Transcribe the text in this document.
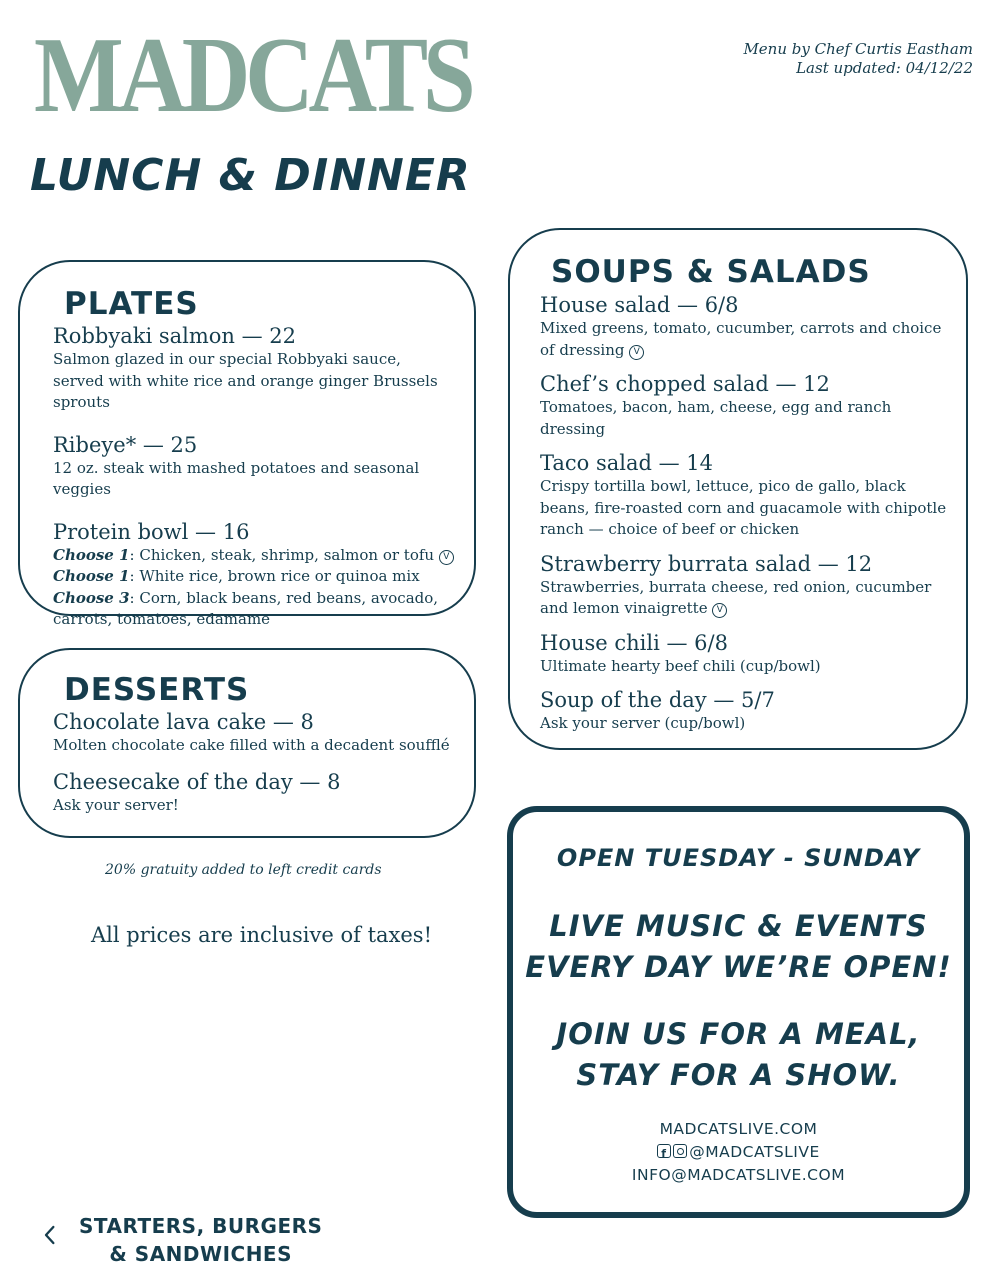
MADCATS
LUNCH & DINNER
Menu by Chef Curtis Eastham
Last updated: 04/12/22
PLATES
Robbyaki salmon — 22
Salmon glazed in our special Robbyaki sauce, served with white rice and orange ginger Brussels sprouts
Ribeye* — 25
12 oz. steak with mashed potatoes and seasonal veggies
Protein bowl — 16
Choose 1: Chicken, steak, shrimp, salmon or tofu V
Choose 1: White rice, brown rice or quinoa mix
Choose 3: Corn, black beans, red beans, avocado, carrots, tomatoes, edamame
DESSERTS
Chocolate lava cake — 8
Molten chocolate cake filled with a decadent soufflé
Cheesecake of the day — 8
Ask your server!
SOUPS & SALADS
House salad — 6/8
Mixed greens, tomato, cucumber, carrots and choice of dressing V
Chef’s chopped salad — 12
Tomatoes, bacon, ham, cheese, egg and ranch dressing
Taco salad — 14
Crispy tortilla bowl, lettuce, pico de gallo, black beans, fire-roasted corn and guacamole with chipotle ranch — choice of beef or chicken
Strawberry burrata salad — 12
Strawberries, burrata cheese, red onion, cucumber and lemon vinaigrette V
House chili — 6/8
Ultimate hearty beef chili (cup/bowl)
Soup of the day — 5/7
Ask your server (cup/bowl)
20% gratuity added to left credit cards
All prices are inclusive of taxes!
OPEN TUESDAY - SUNDAY
LIVE MUSIC & EVENTS
EVERY DAY WE’RE OPEN!
JOIN US FOR A MEAL,
STAY FOR A SHOW.
MADCATSLIVE.COM
f@MADCATSLIVE
INFO@MADCATSLIVE.COM
STARTERS, BURGERS
& SANDWICHES
